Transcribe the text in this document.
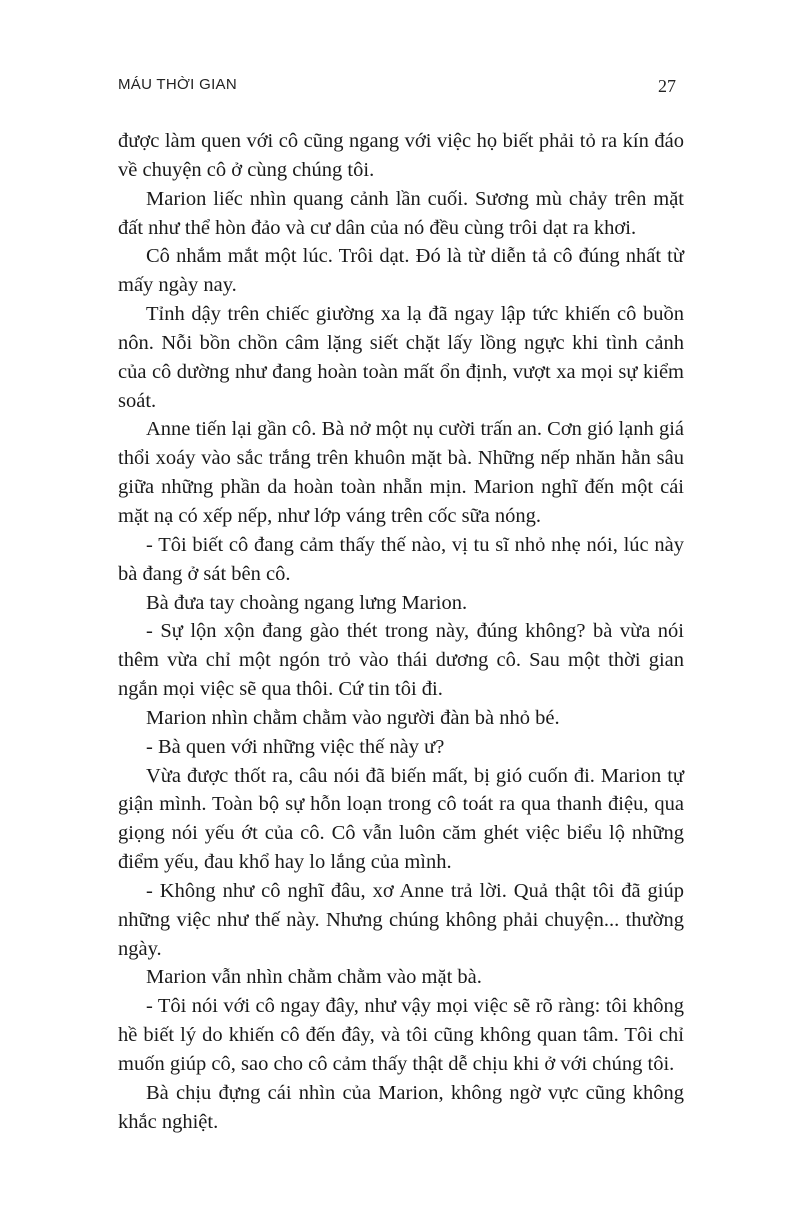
MÁU THỜI GIAN	27

được làm quen với cô cũng ngang với việc họ biết phải tỏ ra kín đáo về chuyện cô ở cùng chúng tôi.

Marion liếc nhìn quang cảnh lần cuối. Sương mù chảy trên mặt đất như thể hòn đảo và cư dân của nó đều cùng trôi dạt ra khơi.

Cô nhắm mắt một lúc. Trôi dạt. Đó là từ diễn tả cô đúng nhất từ mấy ngày nay.

Tỉnh dậy trên chiếc giường xa lạ đã ngay lập tức khiến cô buồn nôn. Nỗi bồn chồn câm lặng siết chặt lấy lồng ngực khi tình cảnh của cô dường như đang hoàn toàn mất ổn định, vượt xa mọi sự kiểm soát.

Anne tiến lại gần cô. Bà nở một nụ cười trấn an. Cơn gió lạnh giá thổi xoáy vào sắc trắng trên khuôn mặt bà. Những nếp nhăn hằn sâu giữa những phần da hoàn toàn nhẵn mịn. Marion nghĩ đến một cái mặt nạ có xếp nếp, như lớp váng trên cốc sữa nóng.

- Tôi biết cô đang cảm thấy thế nào, vị tu sĩ nhỏ nhẹ nói, lúc này bà đang ở sát bên cô.

Bà đưa tay choàng ngang lưng Marion.

- Sự lộn xộn đang gào thét trong này, đúng không? bà vừa nói thêm vừa chỉ một ngón trỏ vào thái dương cô. Sau một thời gian ngắn mọi việc sẽ qua thôi. Cứ tin tôi đi.

Marion nhìn chằm chằm vào người đàn bà nhỏ bé.

- Bà quen với những việc thế này ư?

Vừa được thốt ra, câu nói đã biến mất, bị gió cuốn đi. Marion tự giận mình. Toàn bộ sự hỗn loạn trong cô toát ra qua thanh điệu, qua giọng nói yếu ớt của cô. Cô vẫn luôn căm ghét việc biểu lộ những điểm yếu, đau khổ hay lo lắng của mình.

- Không như cô nghĩ đâu, xơ Anne trả lời. Quả thật tôi đã giúp những việc như thế này. Nhưng chúng không phải chuyện... thường ngày.

Marion vẫn nhìn chằm chằm vào mặt bà.

- Tôi nói với cô ngay đây, như vậy mọi việc sẽ rõ ràng: tôi không hề biết lý do khiến cô đến đây, và tôi cũng không quan tâm. Tôi chỉ muốn giúp cô, sao cho cô cảm thấy thật dễ chịu khi ở với chúng tôi.

Bà chịu đựng cái nhìn của Marion, không ngờ vực cũng không khắc nghiệt.
